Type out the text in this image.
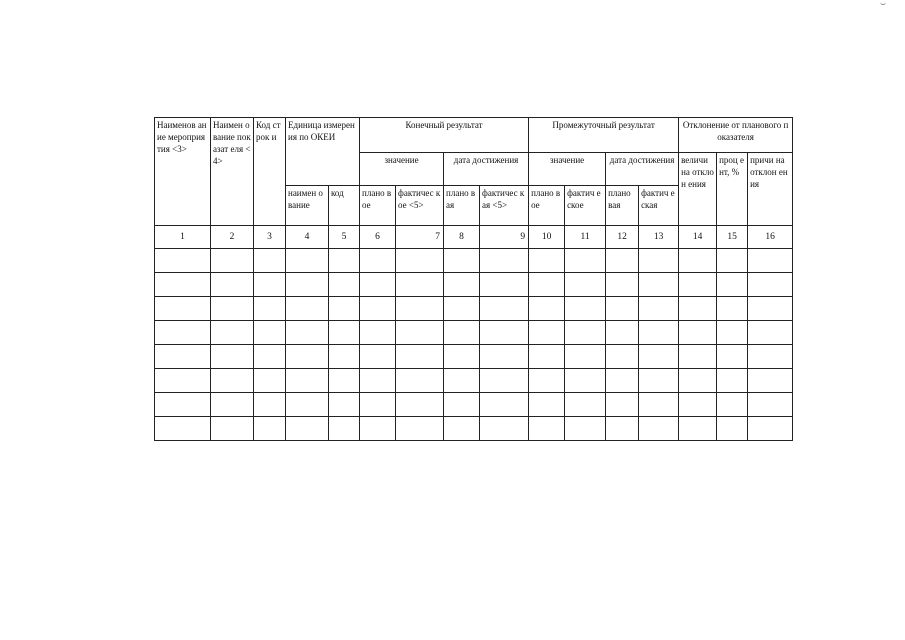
Наименов ание мероприя тия <3>	Наимен ование показат еля <4>	Код строк и	Единица измерения по ОКЕИ		Конечный результат				Промежуточный результат				Отклонение от планового показателя		
					значение		дата достижения		значение		дата достижения		величи на отклон ения	проц ент, %	причи на отклон ения
			наимен ование	код	плано вое	фактичес кое <5>	плано вая	фактичес кая <5>	плано вое	фактич еское	плано вая	фактич еская			
1	2	3	4	5	6	7	8	9	10	11	12	13	14	15	16
